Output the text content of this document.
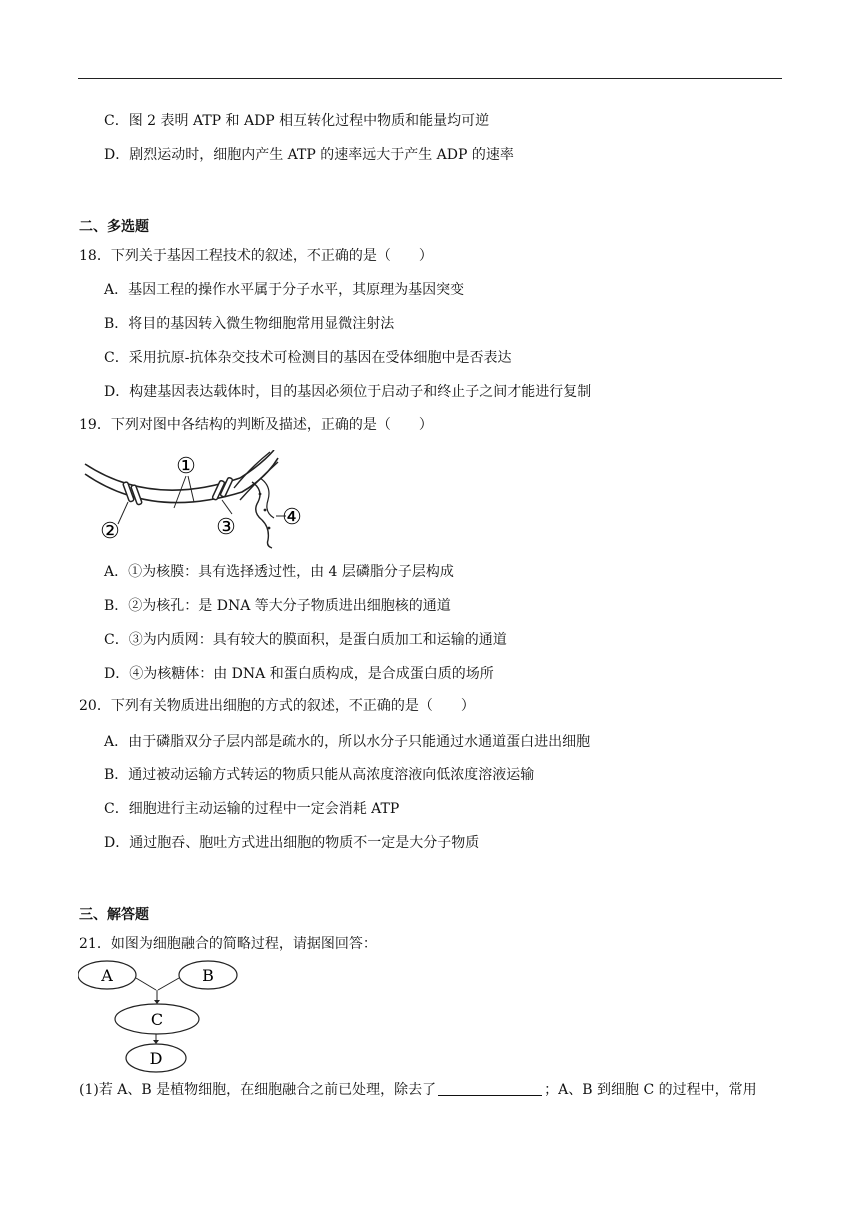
C．图 2 表明 ATP 和 ADP 相互转化过程中物质和能量均可逆
D．剧烈运动时，细胞内产生 ATP 的速率远大于产生 ADP 的速率
二、多选题
18．下列关于基因工程技术的叙述，不正确的是（　　）
A．基因工程的操作水平属于分子水平，其原理为基因突变
B．将目的基因转入微生物细胞常用显微注射法
C．采用抗原-抗体杂交技术可检测目的基因在受体细胞中是否表达
D．构建基因表达载体时，目的基因必须位于启动子和终止子之间才能进行复制
19．下列对图中各结构的判断及描述，正确的是（　　）
①
②	③ ④
A．①为核膜：具有选择透过性，由 4 层磷脂分子层构成
B．②为核孔：是 DNA 等大分子物质进出细胞核的通道
C．③为内质网：具有较大的膜面积，是蛋白质加工和运输的通道
D．④为核糖体：由 DNA 和蛋白质构成，是合成蛋白质的场所
20．下列有关物质进出细胞的方式的叙述，不正确的是（　　）
A．由于磷脂双分子层内部是疏水的，所以水分子只能通过水通道蛋白进出细胞
B．通过被动运输方式转运的物质只能从高浓度溶液向低浓度溶液运输
C．细胞进行主动运输的过程中一定会消耗 ATP
D．通过胞吞、胞吐方式进出细胞的物质不一定是大分子物质
三、解答题
21．如图为细胞融合的简略过程，请据图回答：
A	B
C
D
(1)若 A、B 是植物细胞，在细胞融合之前已处理，除去了	；A、B 到细胞 C 的过程中，常用
